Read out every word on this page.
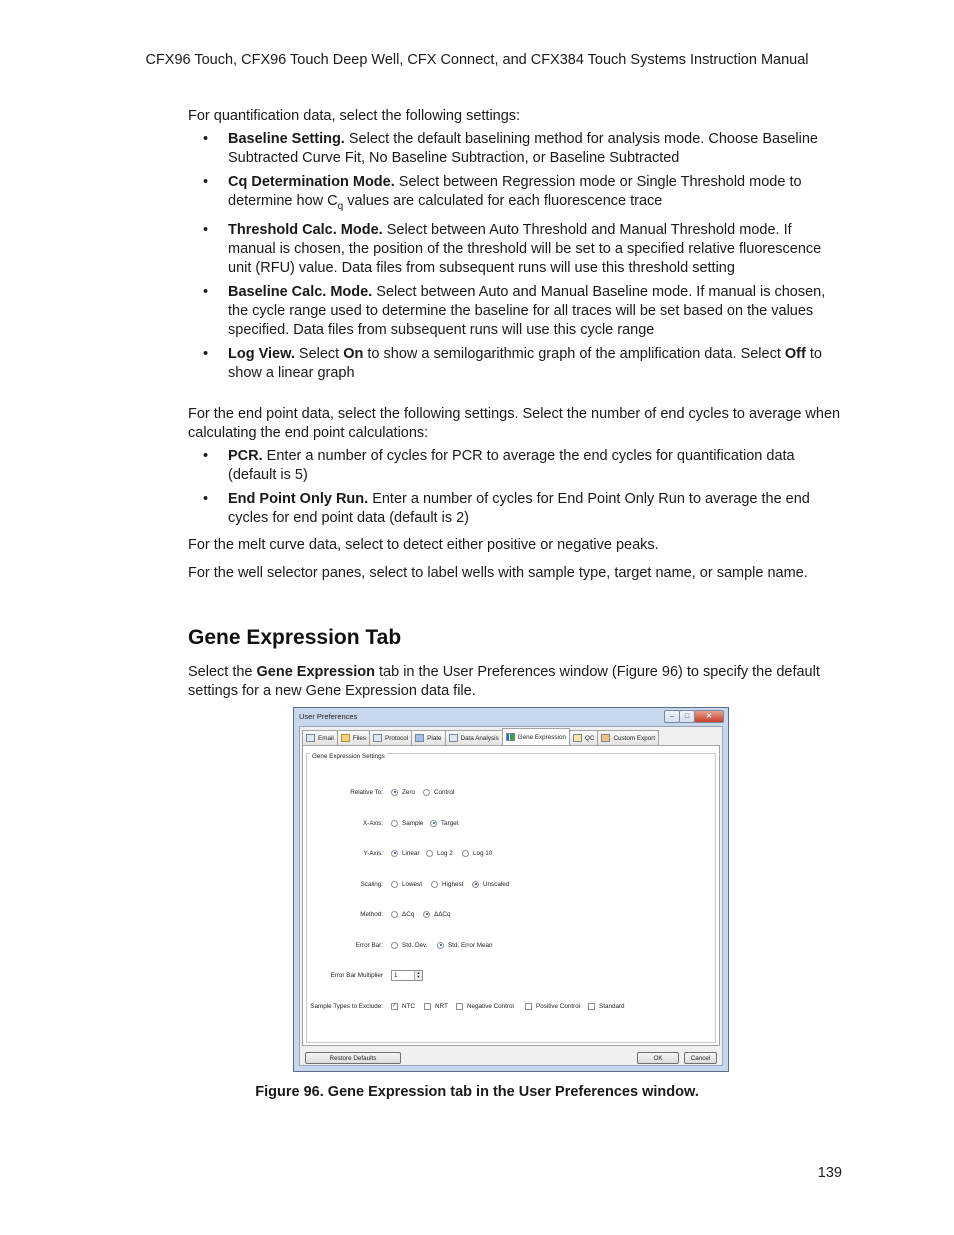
CFX96 Touch, CFX96 Touch Deep Well, CFX Connect, and CFX384 Touch Systems Instruction Manual
For quantification data, select the following settings:
• Baseline Setting. Select the default baselining method for analysis mode. Choose Baseline Subtracted Curve Fit, No Baseline Subtraction, or Baseline Subtracted
• Cq Determination Mode. Select between Regression mode or Single Threshold mode to determine how $C_q$ values are calculated for each fluorescence trace
• Threshold Calc. Mode. Select between Auto Threshold and Manual Threshold mode. If manual is chosen, the position of the threshold will be set to a specified relative fluorescence unit (RFU) value. Data files from subsequent runs will use this threshold setting
• Baseline Calc. Mode. Select between Auto and Manual Baseline mode. If manual is chosen, the cycle range used to determine the baseline for all traces will be set based on the values specified. Data files from subsequent runs will use this cycle range
• Log View. Select On to show a semilogarithmic graph of the amplification data. Select Off to show a linear graph
For the end point data, select the following settings. Select the number of end cycles to average when calculating the end point calculations:
• PCR. Enter a number of cycles for PCR to average the end cycles for quantification data (default is 5)
• End Point Only Run. Enter a number of cycles for End Point Only Run to average the end cycles for end point data (default is 2)
For the melt curve data, select to detect either positive or negative peaks.
For the well selector panes, select to label wells with sample type, target name, or sample name.
Gene Expression Tab
Select the Gene Expression tab in the User Preferences window (Figure 96) to specify the default settings for a new Gene Expression data file.
User Preferences	–	□	✕
Email	Files	Protocol	Plate	Data Analysis	Gene Expression	QC	Custom Export
Gene Expression Settings
Relative To:	Zero	Control
X-Axis:	Sample	Target
Y-Axis:	Linear	Log 2	Log 10
Scaling:	Lowest	Highest	Unscaled
Method:	ΔCq	ΔΔCq
Error Bar:	Std. Dev.	Std. Error Mean
Error Bar Multiplier	1	▲
▼
Sample Types to Exclude: ✓ NTC	NRT	Negative Control	Positive Control	Standard
Restore Defaults	OK	Cancel
Figure 96. Gene Expression tab in the User Preferences window.
139
